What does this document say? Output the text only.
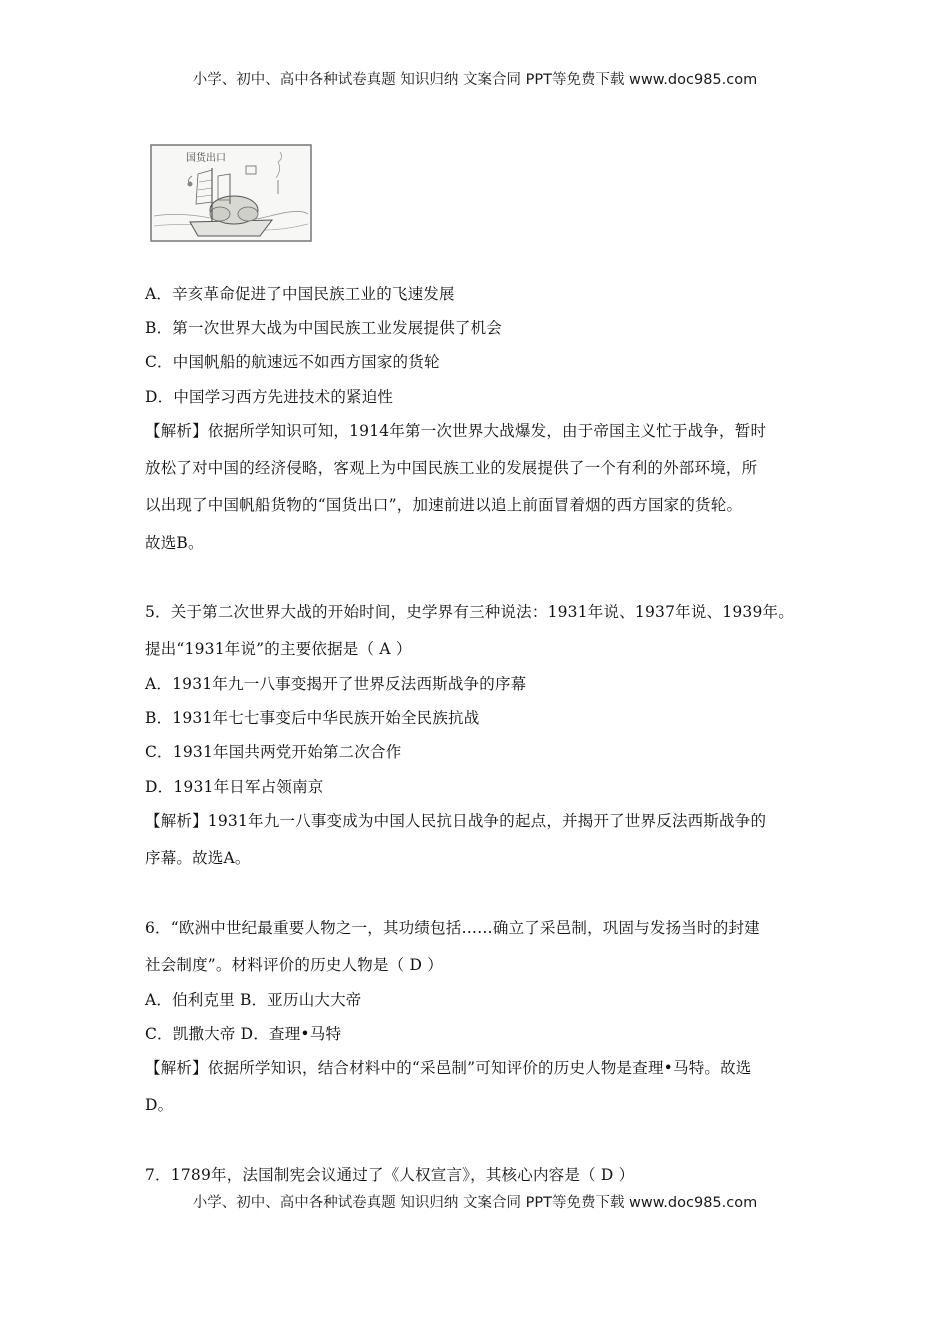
小学、初中、高中各种试卷真题 知识归纳 文案合同 PPT等免费下载 www.doc985.com
国货出口
A．辛亥革命促进了中国民族工业的飞速发展
B．第一次世界大战为中国民族工业发展提供了机会
C．中国帆船的航速远不如西方国家的货轮
D．中国学习西方先进技术的紧迫性
【解析】依据所学知识可知，1914年第一次世界大战爆发，由于帝国主义忙于战争，暂时
放松了对中国的经济侵略，客观上为中国民族工业的发展提供了一个有利的外部环境，所
以出现了中国帆船货物的“国货出口”，加速前进以追上前面冒着烟的西方国家的货轮。
故选B。
5．关于第二次世界大战的开始时间，史学界有三种说法：1931年说、1937年说、1939年。
提出“1931年说”的主要依据是（ A ）
A．1931年九一八事变揭开了世界反法西斯战争的序幕
B．1931年七七事变后中华民族开始全民族抗战
C．1931年国共两党开始第二次合作
D．1931年日军占领南京
【解析】1931年九一八事变成为中国人民抗日战争的起点，并揭开了世界反法西斯战争的
序幕。故选A。
6．“欧洲中世纪最重要人物之一，其功绩包括……确立了采邑制，巩固与发扬当时的封建
社会制度”。材料评价的历史人物是（ D ）
A．伯利克里 B．亚历山大大帝
C．凯撒大帝 D．查理•马特
【解析】依据所学知识，结合材料中的“采邑制”可知评价的历史人物是查理•马特。故选
D。
7．1789年，法国制宪会议通过了《人权宣言》，其核心内容是（ D ）
小学、初中、高中各种试卷真题 知识归纳 文案合同 PPT等免费下载 www.doc985.com
